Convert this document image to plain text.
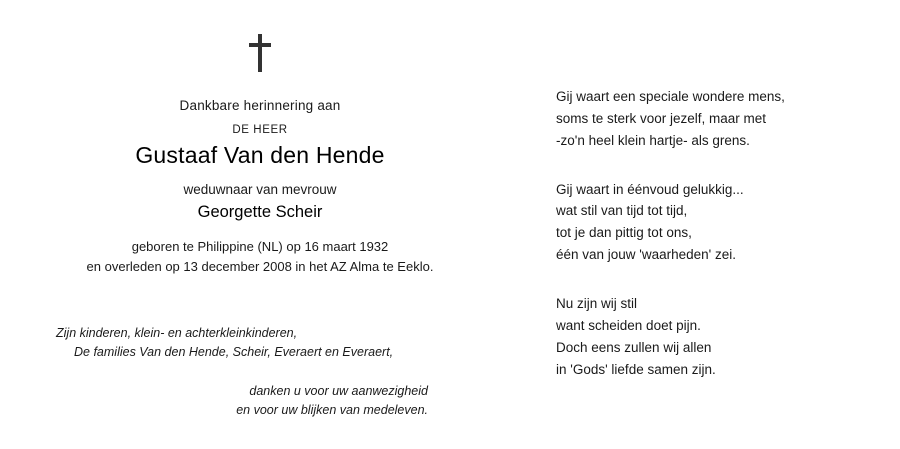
Dankbare herinnering aan

DE HEER

Gustaaf Van den Hende

weduwnaar van mevrouw

Georgette Scheir

geboren te Philippine (NL) op 16 maart 1932

en overleden op 13 december 2008 in het AZ Alma te Eeklo.

Zijn kinderen, klein- en achterkleinkinderen,
De families Van den Hende, Scheir, Everaert en Everaert,
danken u voor uw aanwezigheid
en voor uw blijken van medeleven.
Gij waart een speciale wondere mens,
soms te sterk voor jezelf, maar met
-zo'n heel klein hartje- als grens.
Gij waart in éénvoud gelukkig...
wat stil van tijd tot tijd,
tot je dan pittig tot ons,
één van jouw 'waarheden' zei.
Nu zijn wij stil
want scheiden doet pijn.
Doch eens zullen wij allen
in 'Gods' liefde samen zijn.
